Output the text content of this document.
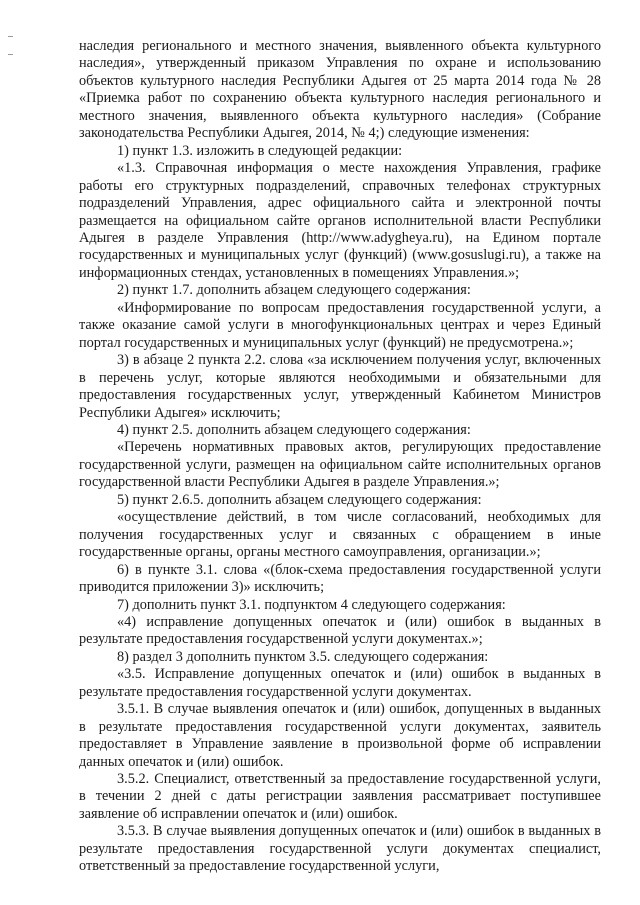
наследия регионального и местного значения, выявленного объекта культурного наследия», утвержденный приказом Управления по охране и использованию объектов культурного наследия Республики Адыгея от 25 марта 2014 года № 28 «Приемка работ по сохранению объекта культурного наследия регионального и местного значения, выявленного объекта культурного наследия» (Собрание законодательства Республики Адыгея, 2014, № 4;) следующие изменения:

1) пункт 1.3. изложить в следующей редакции:

«1.3. Справочная информация о месте нахождения Управления, графике работы его структурных подразделений, справочных телефонах структурных подразделений Управления, адрес официального сайта и электронной почты размещается на официальном сайте органов исполнительной власти Республики Адыгея в разделе Управления (http://www.adygheya.ru), на Едином портале государственных и муниципальных услуг (функций) (www.gosuslugi.ru), а также на информационных стендах, установленных в помещениях Управления.»;

2) пункт 1.7. дополнить абзацем следующего содержания:

«Информирование по вопросам предоставления государственной услуги, а также оказание самой услуги в многофункциональных центрах и через Единый портал государственных и муниципальных услуг (функций) не предусмотрена.»;

3) в абзаце 2 пункта 2.2. слова «за исключением получения услуг, включенных в перечень услуг, которые являются необходимыми и обязательными для предоставления государственных услуг, утвержденный Кабинетом Министров Республики Адыгея» исключить;

4) пункт 2.5. дополнить абзацем следующего содержания:

«Перечень нормативных правовых актов, регулирующих предоставление государственной услуги, размещен на официальном сайте исполнительных органов государственной власти Республики Адыгея в разделе Управления.»;

5) пункт 2.6.5. дополнить абзацем следующего содержания:

«осуществление действий, в том числе согласований, необходимых для получения государственных услуг и связанных с обращением в иные государственные органы, органы местного самоуправления, организации.»;

6) в пункте 3.1. слова «(блок-схема предоставления государственной услуги приводится приложении 3)» исключить;

7) дополнить пункт 3.1. подпунктом 4 следующего содержания:

«4) исправление допущенных опечаток и (или) ошибок в выданных в результате предоставления государственной услуги документах.»;

8) раздел 3 дополнить пунктом 3.5. следующего содержания:

«3.5. Исправление допущенных опечаток и (или) ошибок в выданных в результате предоставления государственной услуги документах.

3.5.1. В случае выявления опечаток и (или) ошибок, допущенных в выданных в результате предоставления государственной услуги документах, заявитель предоставляет в Управление заявление в произвольной форме об исправлении данных опечаток и (или) ошибок.

3.5.2. Специалист, ответственный за предоставление государственной услуги, в течении 2 дней с даты регистрации заявления рассматривает поступившее заявление об исправлении опечаток и (или) ошибок.

3.5.3. В случае выявления допущенных опечаток и (или) ошибок в выданных в результате предоставления государственной услуги документах специалист, ответственный за предоставление государственной услуги,
